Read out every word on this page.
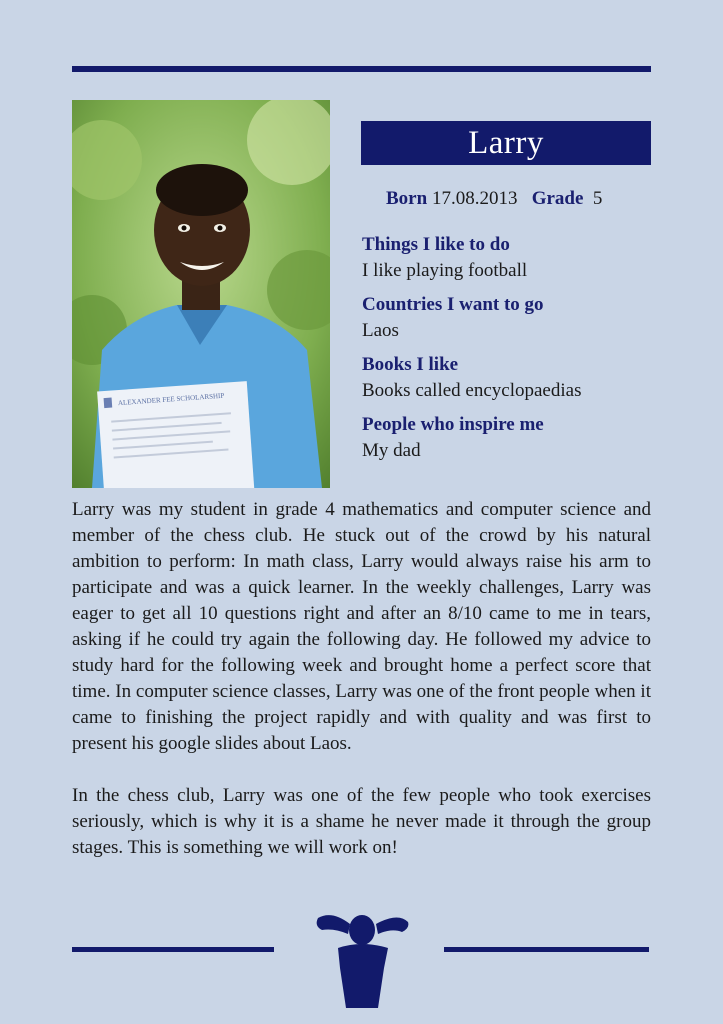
ALEXANDER FEE SCHOLARSHIP
Larry
Born 17.08.2013 Grade 5
Things I like to do
I like playing football
Countries I want to go
Laos
Books I like
Books called encyclopaedias
People who inspire me
My dad

Larry was my student in grade 4 mathematics and computer science and member of the chess club. He stuck out of the crowd by his natural ambition to perform: In math class, Larry would always raise his arm to participate and was a quick learner. In the weekly challenges, Larry was eager to get all 10 questions right and after an 8/10 came to me in tears, asking if he could try again the following day. He followed my advice to study hard for the following week and brought home a perfect score that time. In computer science classes, Larry was one of the front people when it came to finishing the project rapidly and with quality and was first to present his google slides about Laos.

In the chess club, Larry was one of the few people who took exercises seriously, which is why it is a shame he never made it through the group stages. This is something we will work on!
